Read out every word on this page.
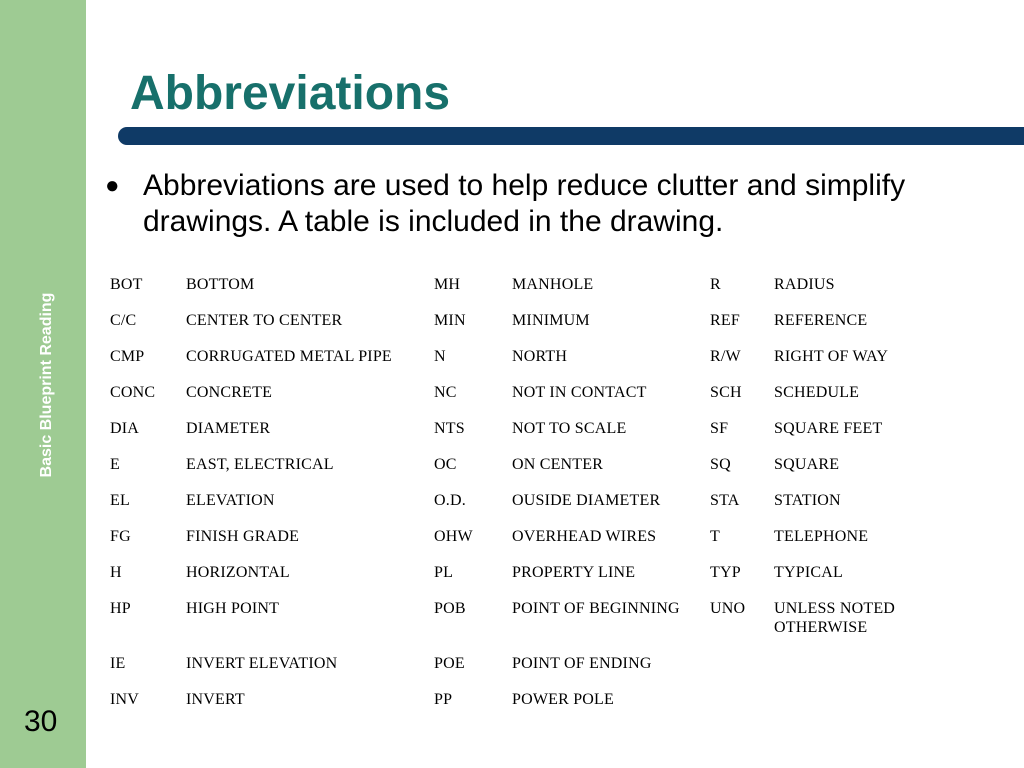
Basic Blueprint Reading
30
Abbreviations
● Abbreviations are used to help reduce clutter and simplify drawings. A table is included in the drawing.

BOT	BOTTOM	MH	MANHOLE	R	RADIUS
C/C	CENTER TO CENTER	MIN	MINIMUM	REF	REFERENCE
CMP	CORRUGATED METAL PIPE	N	NORTH	R/W	RIGHT OF WAY
CONC	CONCRETE	NC	NOT IN CONTACT	SCH	SCHEDULE
DIA	DIAMETER	NTS	NOT TO SCALE	SF	SQUARE FEET
E	EAST, ELECTRICAL	OC	ON CENTER	SQ	SQUARE
EL	ELEVATION	O.D.	OUSIDE DIAMETER	STA	STATION
FG	FINISH GRADE	OHW	OVERHEAD WIRES	T	TELEPHONE
H	HORIZONTAL	PL	PROPERTY LINE	TYP	TYPICAL
HP	HIGH POINT	POB	POINT OF BEGINNING	UNO	UNLESS NOTED OTHERWISE
IE	INVERT ELEVATION	POE	POINT OF ENDING		
INV	INVERT	PP	POWER POLE		
